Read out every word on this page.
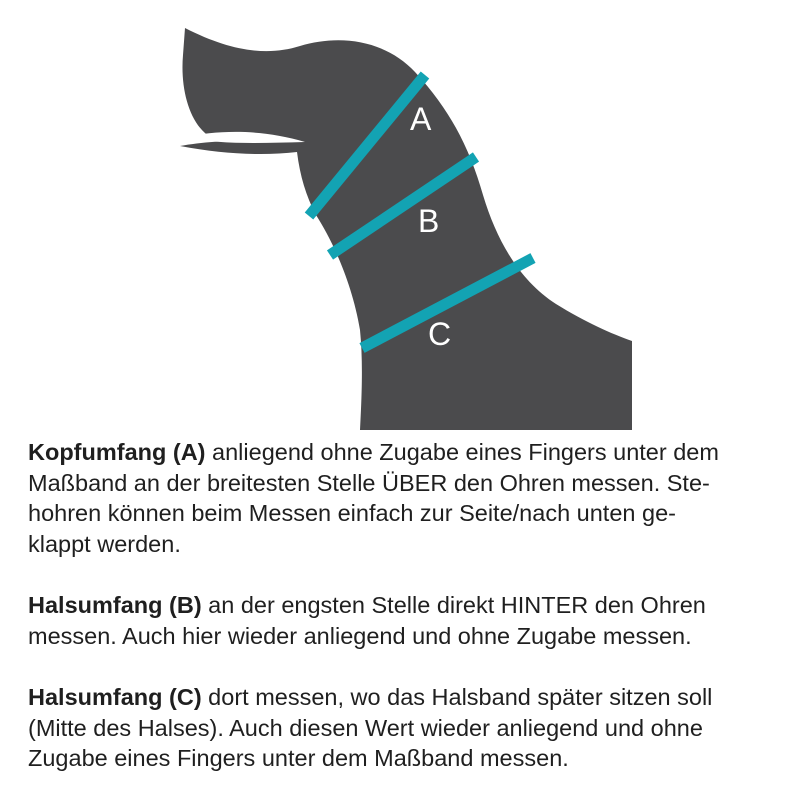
A
B
C
Kopfumfang (A) anliegend ohne Zugabe eines Fingers unter dem
Maßband an der breitesten Stelle ÜBER den Ohren messen. Ste-
hohren können beim Messen einfach zur Seite/nach unten ge-
klappt werden.
Halsumfang (B) an der engsten Stelle direkt HINTER den Ohren
messen. Auch hier wieder anliegend und ohne Zugabe messen.
Halsumfang (C) dort messen, wo das Halsband später sitzen soll
(Mitte des Halses). Auch diesen Wert wieder anliegend und ohne
Zugabe eines Fingers unter dem Maßband messen.
